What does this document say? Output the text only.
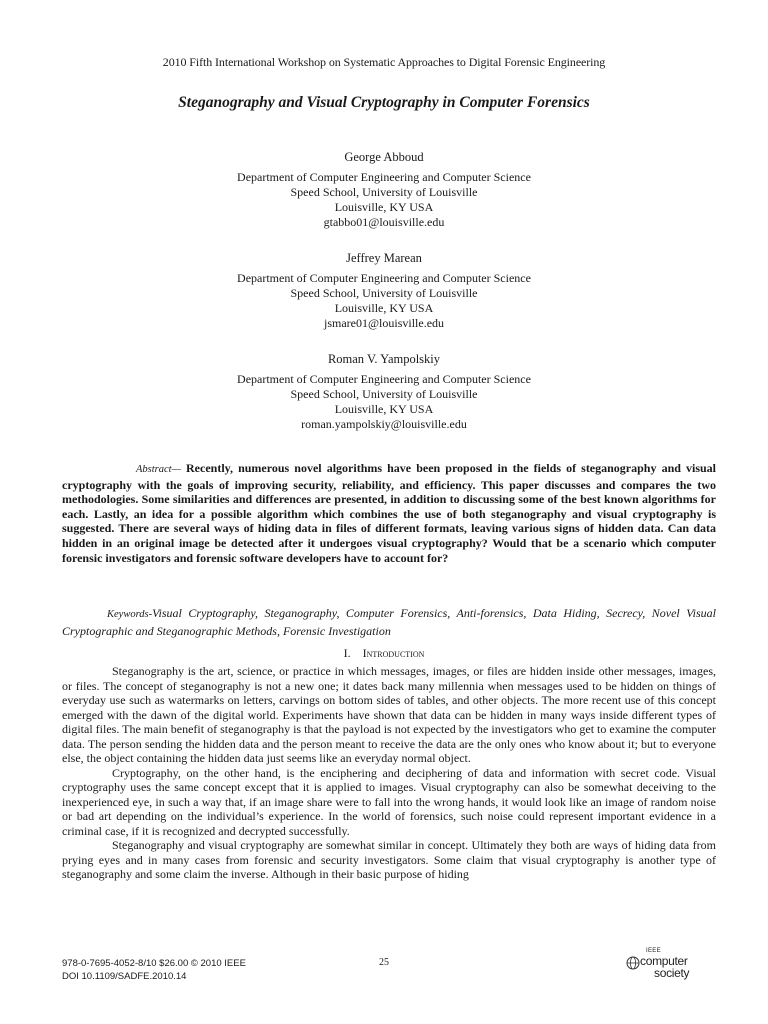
2010 Fifth International Workshop on Systematic Approaches to Digital Forensic Engineering
Steganography and Visual Cryptography in Computer Forensics
George Abboud
Department of Computer Engineering and Computer Science
Speed School, University of Louisville
Louisville, KY USA
gtabbo01@louisville.edu
Jeffrey Marean
Department of Computer Engineering and Computer Science
Speed School, University of Louisville
Louisville, KY USA
jsmare01@louisville.edu
Roman V. Yampolskiy
Department of Computer Engineering and Computer Science
Speed School, University of Louisville
Louisville, KY USA
roman.yampolskiy@louisville.edu
Abstract— Recently, numerous novel algorithms have been proposed in the fields of steganography and visual cryptography with the goals of improving security, reliability, and efficiency. This paper discusses and compares the two methodologies. Some similarities and differences are presented, in addition to discussing some of the best known algorithms for each. Lastly, an idea for a possible algorithm which combines the use of both steganography and visual cryptography is suggested. There are several ways of hiding data in files of different formats, leaving various signs of hidden data. Can data hidden in an original image be detected after it undergoes visual cryptography? Would that be a scenario which computer forensic investigators and forensic software developers have to account for?
Keywords-Visual Cryptography, Steganography, Computer Forensics, Anti-forensics, Data Hiding, Secrecy, Novel Visual Cryptographic and Steganographic Methods, Forensic Investigation
I. Introduction

Steganography is the art, science, or practice in which messages, images, or files are hidden inside other messages, images, or files. The concept of steganography is not a new one; it dates back many millennia when messages used to be hidden on things of everyday use such as watermarks on letters, carvings on bottom sides of tables, and other objects. The more recent use of this concept emerged with the dawn of the digital world. Experiments have shown that data can be hidden in many ways inside different types of digital files. The main benefit of steganography is that the payload is not expected by the investigators who get to examine the computer data. The person sending the hidden data and the person meant to receive the data are the only ones who know about it; but to everyone else, the object containing the hidden data just seems like an everyday normal object.

Cryptography, on the other hand, is the enciphering and deciphering of data and information with secret code. Visual cryptography uses the same concept except that it is applied to images. Visual cryptography can also be somewhat deceiving to the inexperienced eye, in such a way that, if an image share were to fall into the wrong hands, it would look like an image of random noise or bad art depending on the individual’s experience. In the world of forensics, such noise could represent important evidence in a criminal case, if it is recognized and decrypted successfully.

Steganography and visual cryptography are somewhat similar in concept. Ultimately they both are ways of hiding data from prying eyes and in many cases from forensic and security investigators. Some claim that visual cryptography is another type of steganography and some claim the inverse. Although in their basic purpose of hiding

978-0-7695-4052-8/10 $26.00 © 2010 IEEE
DOI 10.1109/SADFE.2010.14
25
IEEE
computer
society
